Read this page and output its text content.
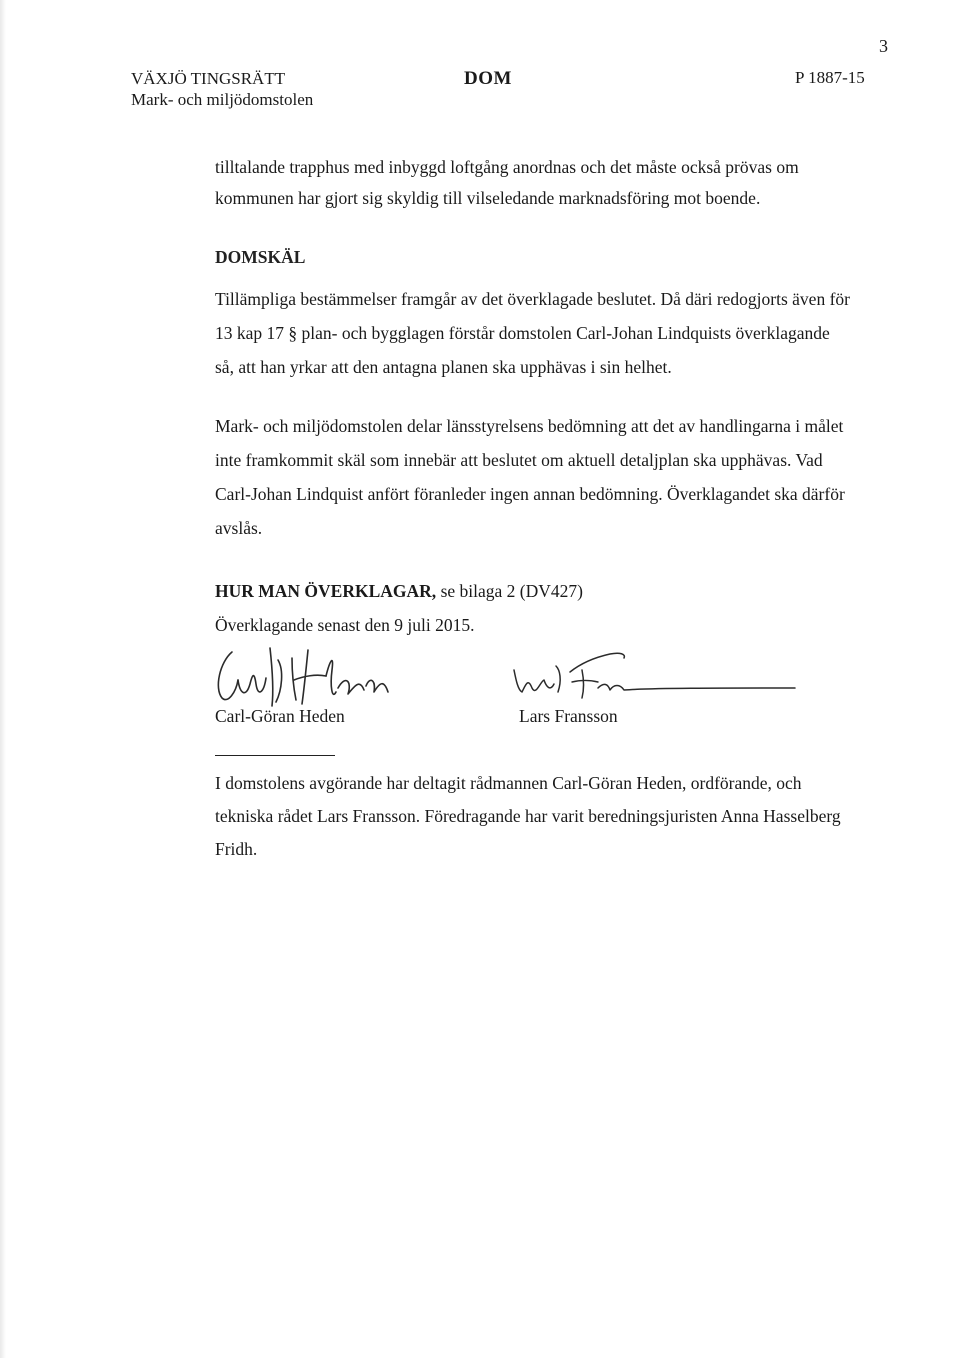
3
VÄXJÖ TINGSRÄTT
Mark- och miljödomstolen
DOM	P 1887-15
tilltalande trapphus med inbyggd loftgång anordnas och det måste också prövas om kommunen har gjort sig skyldig till vilseledande marknadsföring mot boende.
DOMSKÄL
Tillämpliga bestämmelser framgår av det överklagade beslutet. Då däri redogjorts även för 13 kap 17 § plan- och bygglagen förstår domstolen Carl-Johan Lindquists överklagande så, att han yrkar att den antagna planen ska upphävas i sin helhet.
Mark- och miljödomstolen delar länsstyrelsens bedömning att det av handlingarna i målet inte framkommit skäl som innebär att beslutet om aktuell detaljplan ska upphävas. Vad Carl-Johan Lindquist anfört föranleder ingen annan bedömning. Överklagandet ska därför avslås.
HUR MAN ÖVERKLAGAR, se bilaga 2 (DV427)
Överklagande senast den 9 juli 2015.
Carl-Göran Heden	Lars Fransson
I domstolens avgörande har deltagit rådmannen Carl-Göran Heden, ordförande, och tekniska rådet Lars Fransson. Föredragande har varit beredningsjuristen Anna Hasselberg Fridh.
